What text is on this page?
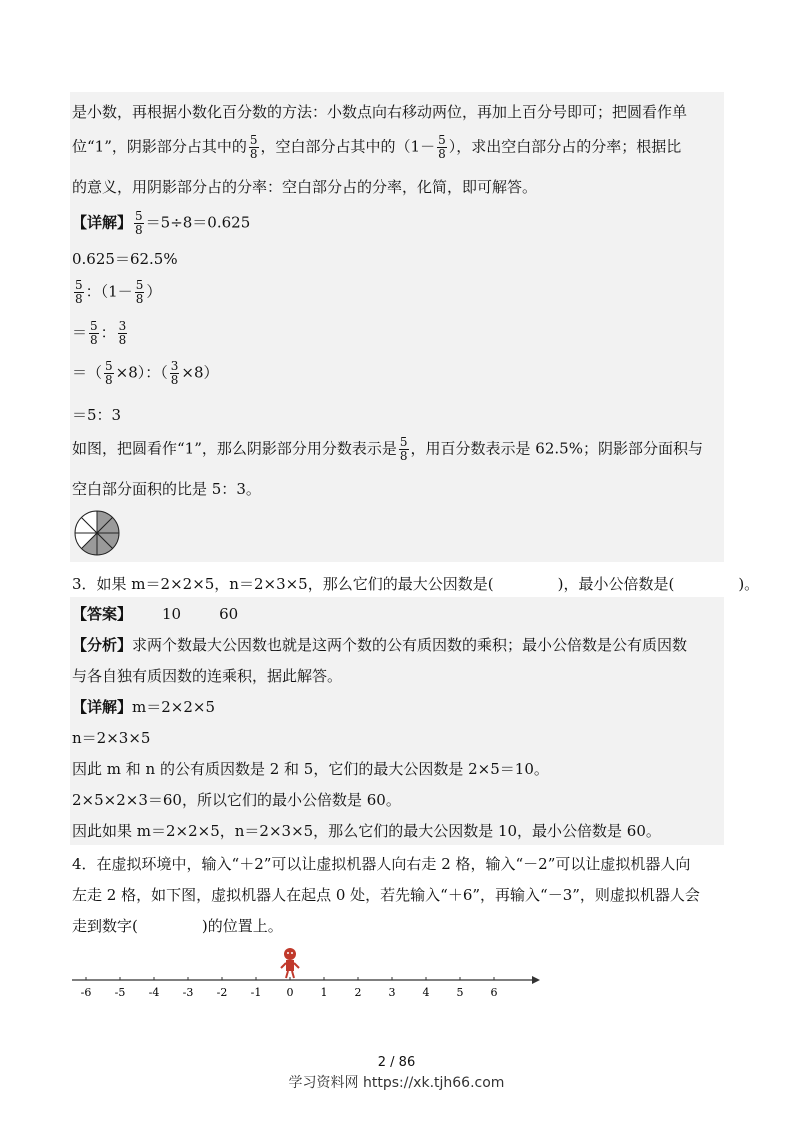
是小数，再根据小数化百分数的方法：小数点向右移动两位，再加上百分号即可；把圆看作单
位“1”，阴影部分占其中的 $\frac{5}{8}$ ，空白部分占其中的（$1- \frac{5}{8}$ ），求出空白部分占的分率；根据比
的意义，用阴影部分占的分率：空白部分占的分率，化简，即可解答。
【详解】 $\frac{5}{8} =5\div 8=0.625$
0.625＝62.5%
$\frac{5}{8}$ ：（$1- \frac{5}{8}$ ）
＝ $\frac{5}{8}$ ： $\frac{3}{8}$
＝（ $\frac{5}{8} \times 8$）：（ $\frac{3}{8} \times 8$）
＝5：3
如图，把圆看作“1”，那么阴影部分用分数表示是 $\frac{5}{8}$ ，用百分数表示是 62.5%；阴影部分面积与
空白部分面积的比是 5：3。
3．如果 m＝2×2×5，n＝2×3×5，那么它们的最大公因数是(	)，最小公倍数是(	)。
【答案】 10	60
【分析】求两个数最大公因数也就是这两个数的公有质因数的乘积；最小公倍数是公有质因数
与各自独有质因数的连乘积，据此解答。
【详解】m＝2×2×5
n＝2×3×5
因此 m 和 n 的公有质因数是 2 和 5，它们的最大公因数是 2×5＝10。
2×5×2×3＝60，所以它们的最小公倍数是 60。
因此如果 m＝2×2×5，n＝2×3×5，那么它们的最大公因数是 10，最小公倍数是 60。
4．在虚拟环境中，输入“＋2”可以让虚拟机器人向右走 2 格，输入“－2”可以让虚拟机器人向
左走 2 格，如下图，虚拟机器人在起点 0 处，若先输入“＋6”，再输入“－3”，则虚拟机器人会
走到数字(	)的位置上。
-6 -5 -4 -3 -2 -1 0 1 2 3 4 5 6
2 / 86
学习资料网 https://xk.tjh66.com
